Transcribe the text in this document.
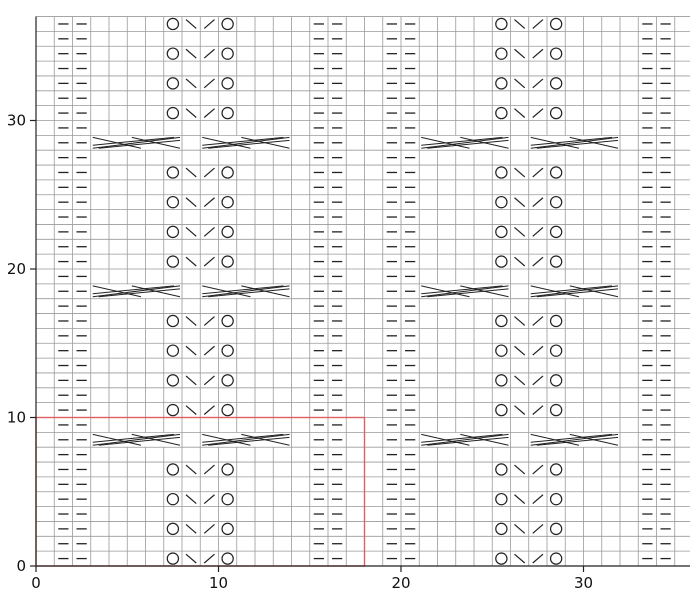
0	10	20	30
0
10
20
30
